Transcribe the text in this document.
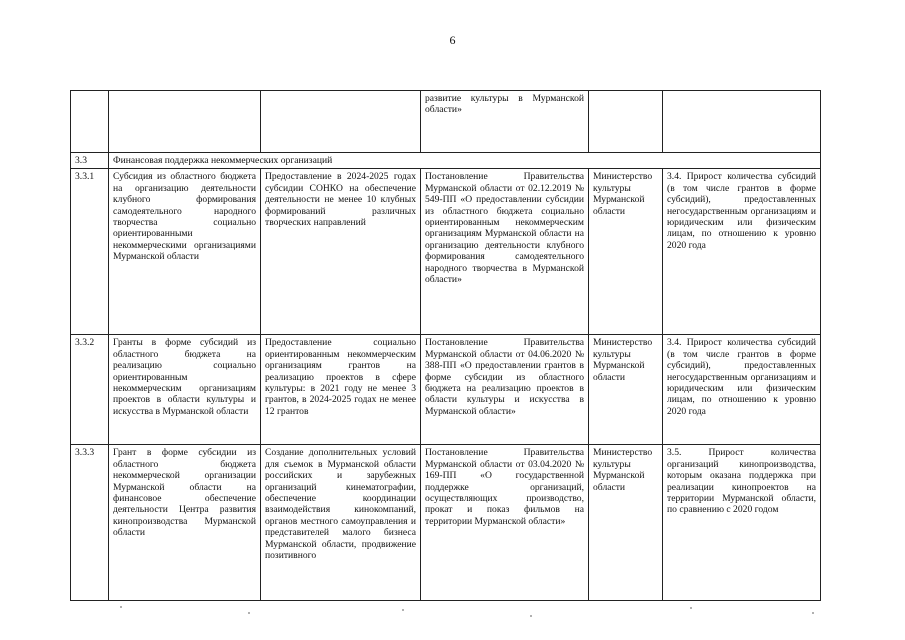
6
			развитие культуры в Мурманской области»		
3.3	Финансовая поддержка некоммерческих организаций				
3.3.1	Субсидия из областного бюджета на организацию деятельности клубного формирования самодеятельного народного творчества социально ориентированными некоммерческими организациями Мурманской области	Предоставление в 2024-2025 годах субсидии СОНКО на обеспечение деятельности не менее 10 клубных формирований различных творческих направлений	Постановление Правительства Мурманской области от 02.12.2019 № 549-ПП «О предоставлении субсидии из областного бюджета социально ориентированным некоммерческим организациям Мурманской области на организацию деятельности клубного формирования самодеятельного народного творчества в Мурманской области»	Министерство культуры Мурманской области	3.4. Прирост количества субсидий (в том числе грантов в форме субсидий), предоставленных негосударственным организациям и юридическим или физическим лицам, по отношению к уровню 2020 года
3.3.2	Гранты в форме субсидий из областного бюджета на реализацию социально ориентированным некоммерческим организациям проектов в области культуры и искусства в Мурманской области	Предоставление социально ориентированным некоммерческим организациям грантов на реализацию проектов в сфере культуры: в 2021 году не менее 3 грантов, в 2024-2025 годах не менее 12 грантов	Постановление Правительства Мурманской области от 04.06.2020 № 388-ПП «О предоставлении грантов в форме субсидии из областного бюджета на реализацию проектов в области культуры и искусства в Мурманской области»	Министерство культуры Мурманской области	3.4. Прирост количества субсидий (в том числе грантов в форме субсидий), предоставленных негосударственным организациям и юридическим или физическим лицам, по отношению к уровню 2020 года
3.3.3	Грант в форме субсидии из областного бюджета некоммерческой организации Мурманской области на финансовое обеспечение деятельности Центра развития кинопроизводства Мурманской области	Создание дополнительных условий для съемок в Мурманской области российских и зарубежных организаций кинематографии, обеспечение координации взаимодействия кинокомпаний, органов местного самоуправления и представителей малого бизнеса Мурманской области, продвижение позитивного	Постановление Правительства Мурманской области от 03.04.2020 № 169-ПП «О государственной поддержке организаций, осуществляющих производство, прокат и показ фильмов на территории Мурманской области»	Министерство культуры Мурманской области	3.5. Прирост количества организаций кинопроизводства, которым оказана поддержка при реализации кинопроектов на территории Мурманской области, по сравнению с 2020 годом
